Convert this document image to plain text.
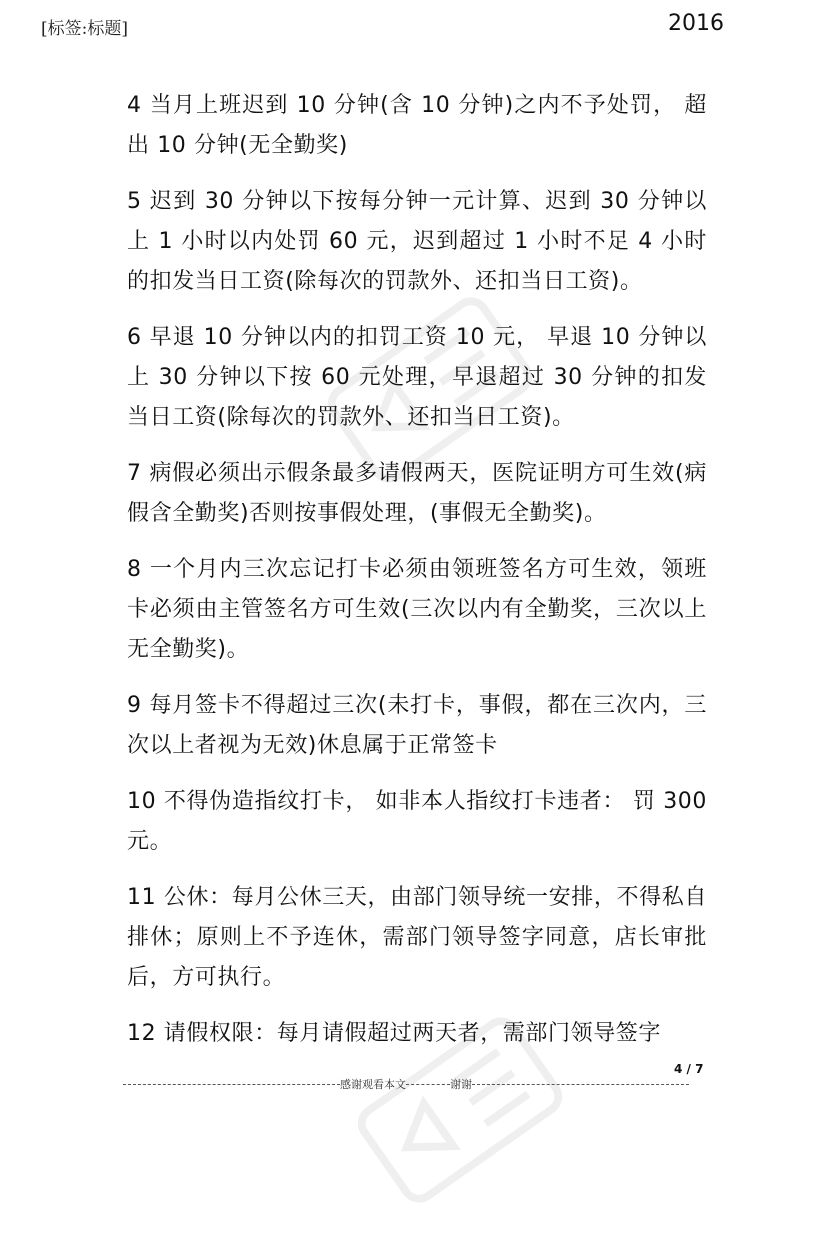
[标签:标题]	2016

4 当月上班迟到 10 分钟(含 10 分钟)之内不予处罚， 超出 10 分钟(无全勤奖)

5 迟到 30 分钟以下按每分钟一元计算、迟到 30 分钟以上 1 小时以内处罚 60 元，迟到超过 1 小时不足 4 小时的扣发当日工资(除每次的罚款外、还扣当日工资)。

6 早退 10 分钟以内的扣罚工资 10 元， 早退 10 分钟以上 30 分钟以下按 60 元处理，早退超过 30 分钟的扣发当日工资(除每次的罚款外、还扣当日工资)。

7 病假必须出示假条最多请假两天，医院证明方可生效(病假含全勤奖)否则按事假处理，(事假无全勤奖)。

8 一个月内三次忘记打卡必须由领班签名方可生效，领班卡必须由主管签名方可生效(三次以内有全勤奖，三次以上无全勤奖)。

9 每月签卡不得超过三次(未打卡，事假，都在三次内，三次以上者视为无效)休息属于正常签卡

10 不得伪造指纹打卡， 如非本人指纹打卡违者： 罚 300 元。

11 公休：每月公休三天，由部门领导统一安排，不得私自排休；原则上不予连休，需部门领导签字同意，店长审批后，方可执行。

12 请假权限：每月请假超过两天者，需部门领导签字

4 / 7
感谢观看本文	谢谢
